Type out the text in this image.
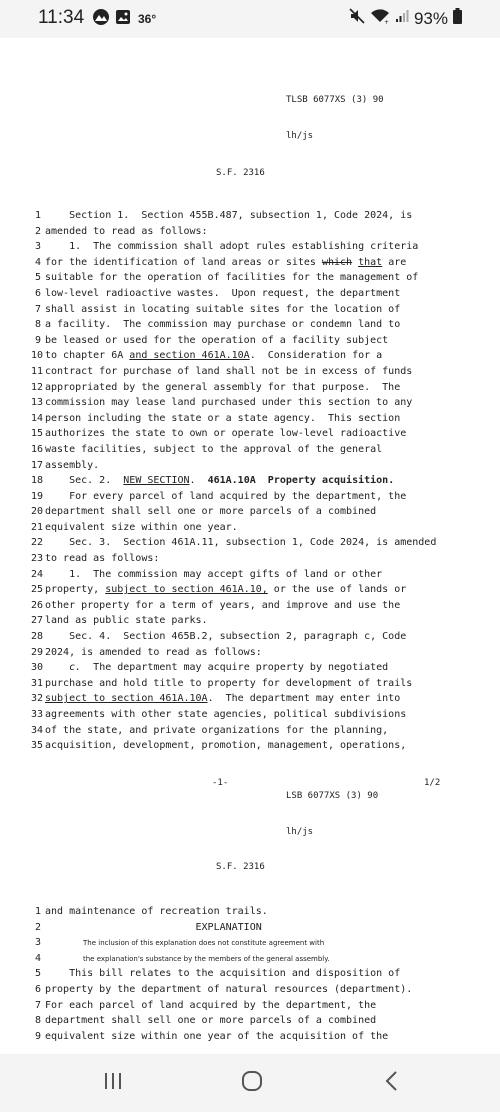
11:34	36°	+ 93%

TLSB 6077XS (3) 90

lh/js

S.F. 2316
1 Section 1.  Section 455B.487, subsection 1, Code 2024, is
2 amended to read as follows:
3 1.  The commission shall adopt rules establishing criteria
4 for the identification of land areas or sites which that are
5 suitable for the operation of facilities for the management of
6 low-level radioactive wastes.  Upon request, the department
7 shall assist in locating suitable sites for the location of
8 a facility.  The commission may purchase or condemn land to
9 be leased or used for the operation of a facility subject
10 to chapter 6A and section 461A.10A.  Consideration for a
11 contract for purchase of land shall not be in excess of funds
12 appropriated by the general assembly for that purpose.  The
13 commission may lease land purchased under this section to any
14 person including the state or a state agency.  This section
15 authorizes the state to own or operate low-level radioactive
16 waste facilities, subject to the approval of the general
17 assembly.
18 Sec. 2.  NEW SECTION.  461A.10A  Property acquisition.
19 For every parcel of land acquired by the department, the
20 department shall sell one or more parcels of a combined
21 equivalent size within one year.
22 Sec. 3.  Section 461A.11, subsection 1, Code 2024, is amended
23 to read as follows:
24 1.  The commission may accept gifts of land or other
25 property, subject to section 461A.10, or the use of lands or
26 other property for a term of years, and improve and use the
27 land as public state parks.
28 Sec. 4.  Section 465B.2, subsection 2, paragraph c, Code
29 2024, is amended to read as follows:
30	c.  The department may acquire property by negotiated
31 purchase and hold title to property for development of trails
32 subject to section 461A.10A.  The department may enter into
33 agreements with other state agencies, political subdivisions
34 of the state, and private organizations for the planning,
35 acquisition, development, promotion, management, operations,
-1-

LSB 6077XS (3) 90

lh/js

1/2
S.F. 2316
1 and maintenance of recreation trails.
2 EXPLANATION
3	The inclusion of this explanation does not constitute agreement with
4	the explanation's substance by the members of the general assembly.
5 This bill relates to the acquisition and disposition of
6 property by the department of natural resources (department).
7 For each parcel of land acquired by the department, the
8 department shall sell one or more parcels of a combined
9 equivalent size within one year of the acquisition of the
